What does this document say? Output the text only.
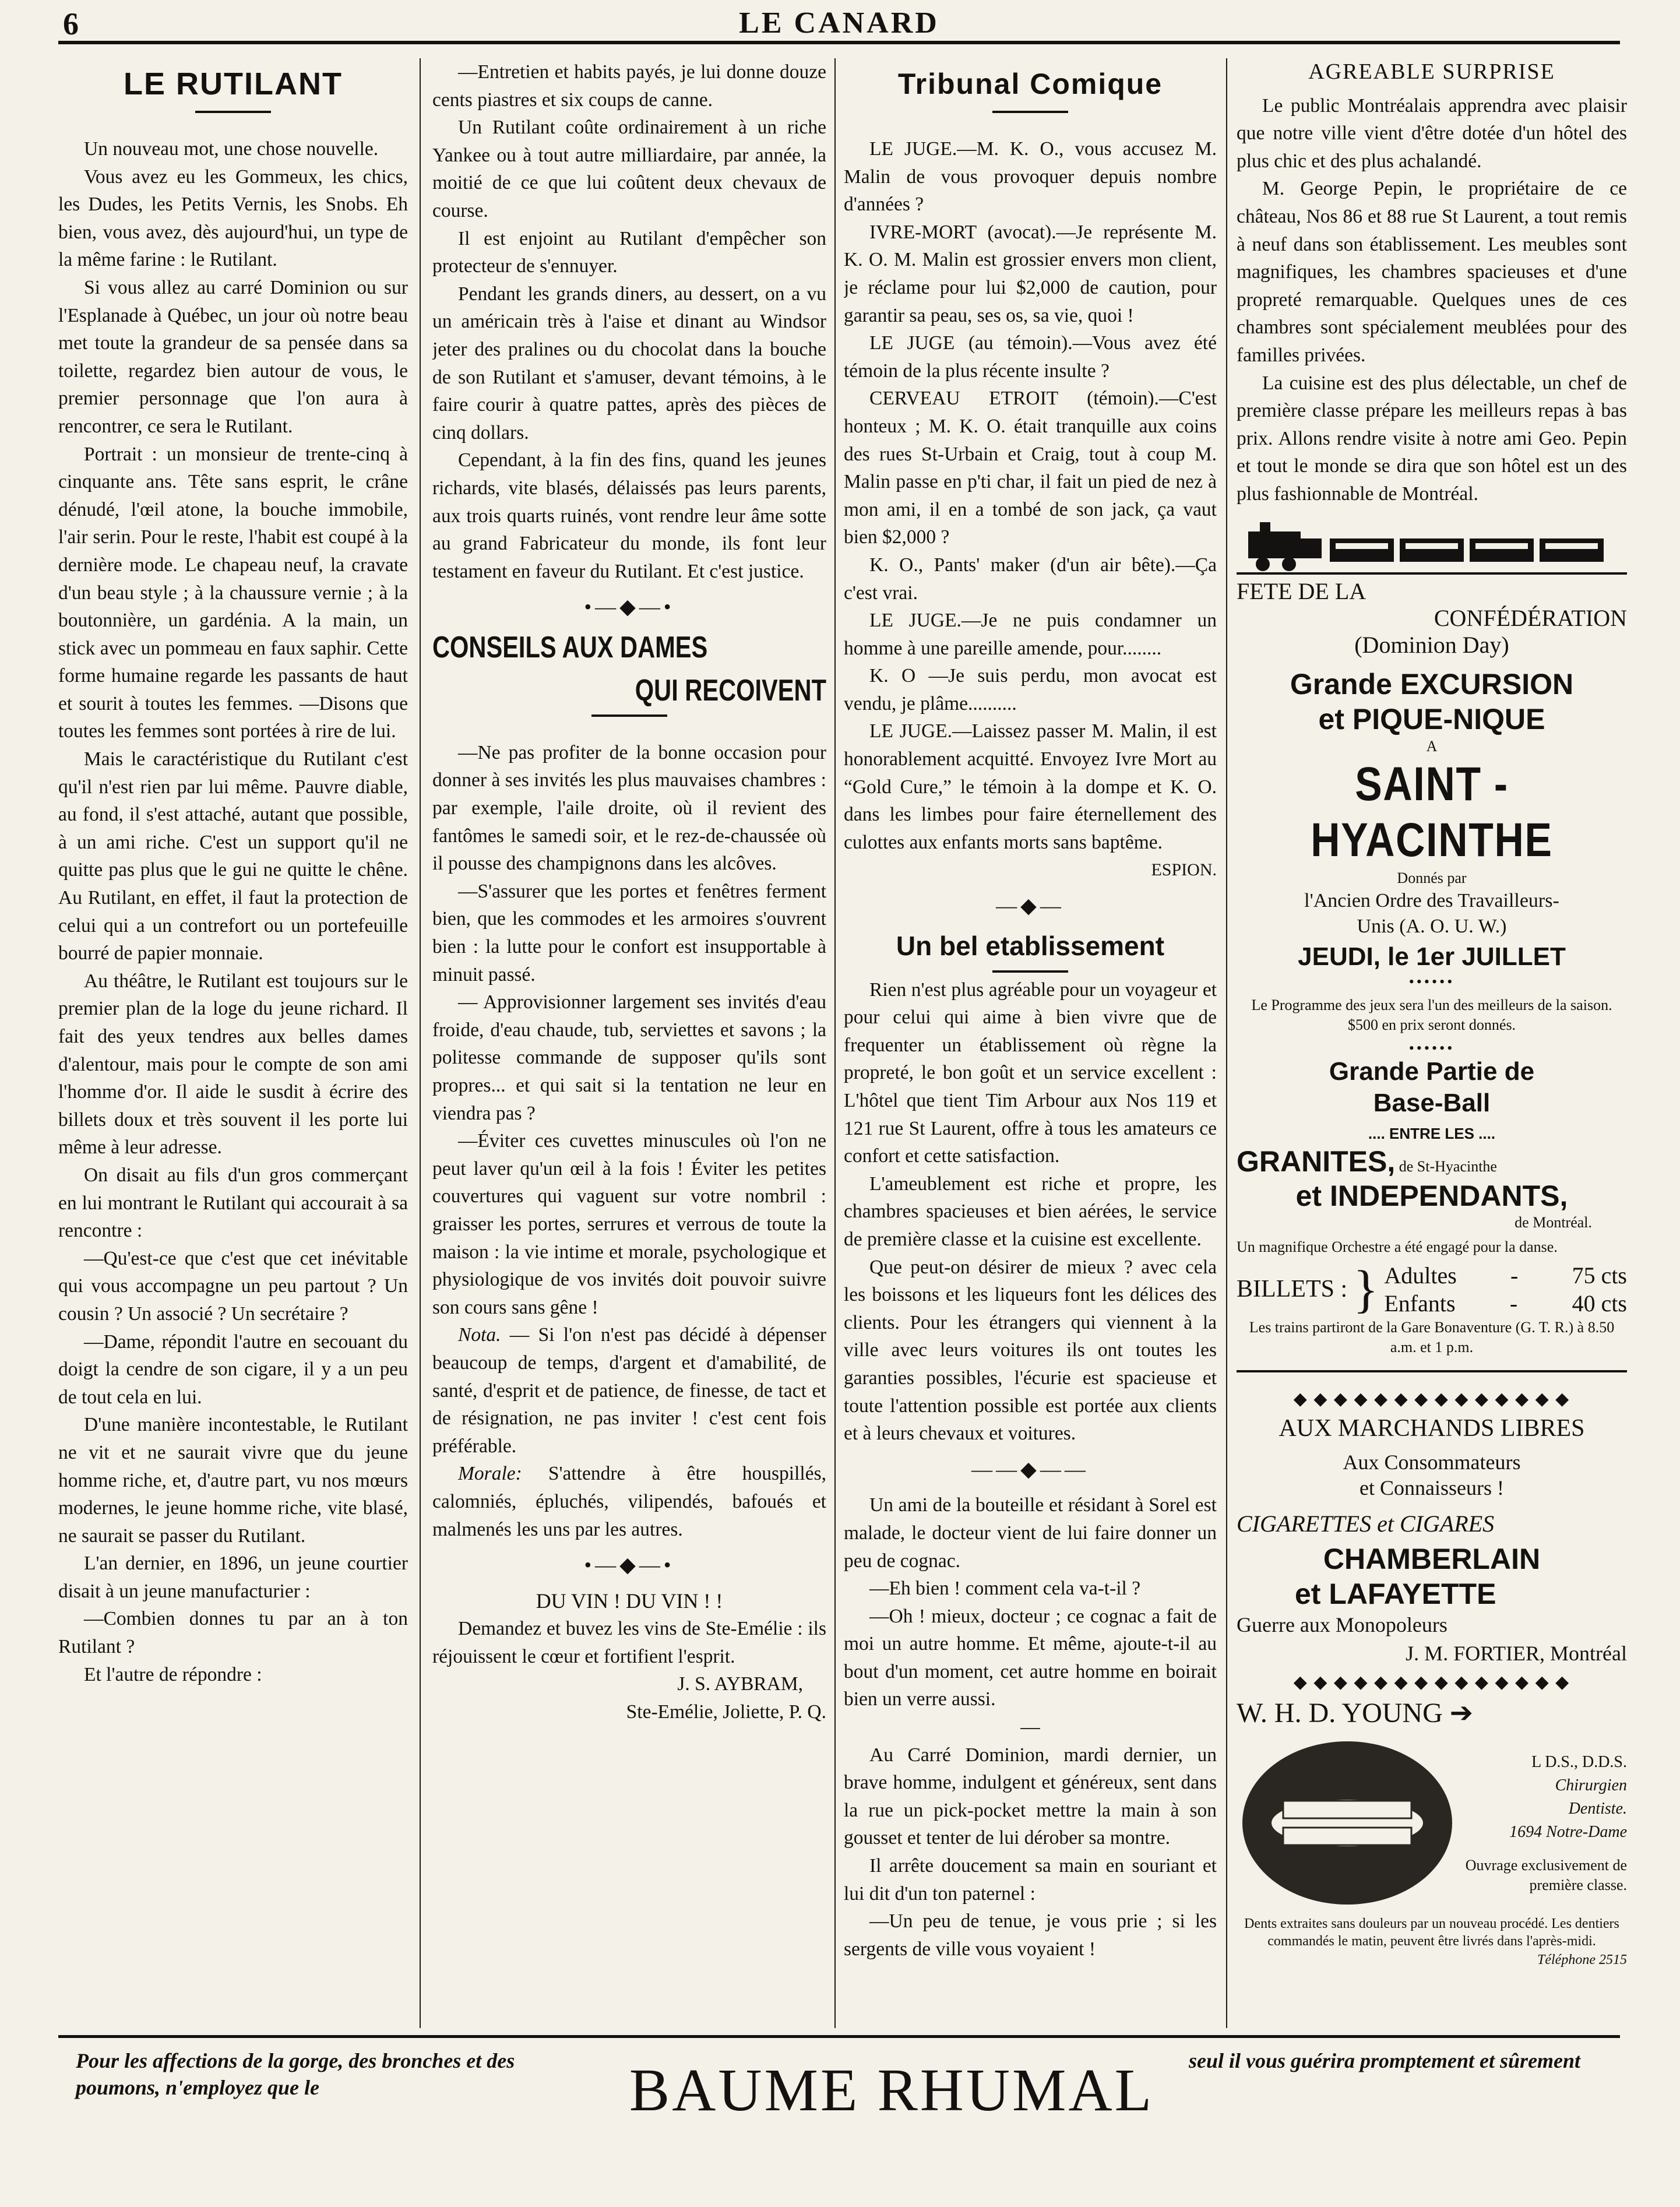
6	LE CANARD
LE RUTILANT

Un nouveau mot, une chose nouvelle.

Vous avez eu les Gommeux, les chics, les Dudes, les Petits Vernis, les Snobs. Eh bien, vous avez, dès aujourd'hui, un type de la même farine : le Rutilant.

Si vous allez au carré Dominion ou sur l'Esplanade à Québec, un jour où notre beau met toute la grandeur de sa pensée dans sa toilette, regardez bien autour de vous, le premier personnage que l'on aura à rencontrer, ce sera le Rutilant.

Portrait : un monsieur de trente-cinq à cinquante ans. Tête sans esprit, le crâne dénudé, l'œil atone, la bouche immobile, l'air serin. Pour le reste, l'habit est coupé à la dernière mode. Le chapeau neuf, la cravate d'un beau style ; à la chaussure vernie ; à la boutonnière, un gardénia. A la main, un stick avec un pommeau en faux saphir. Cette forme humaine regarde les passants de haut et sourit à toutes les femmes. —Disons que toutes les femmes sont portées à rire de lui.

Mais le caractéristique du Rutilant c'est qu'il n'est rien par lui même. Pauvre diable, au fond, il s'est attaché, autant que possible, à un ami riche. C'est un support qu'il ne quitte pas plus que le gui ne quitte le chêne. Au Rutilant, en effet, il faut la protection de celui qui a un contrefort ou un portefeuille bourré de papier monnaie.

Au théâtre, le Rutilant est toujours sur le premier plan de la loge du jeune richard. Il fait des yeux tendres aux belles dames d'alentour, mais pour le compte de son ami l'homme d'or. Il aide le susdit à écrire des billets doux et très souvent il les porte lui même à leur adresse.

On disait au fils d'un gros commerçant en lui montrant le Rutilant qui accourait à sa rencontre :

—Qu'est-ce que c'est que cet inévitable qui vous accompagne un peu partout ? Un cousin ? Un associé ? Un secrétaire ?

—Dame, répondit l'autre en secouant du doigt la cendre de son cigare, il y a un peu de tout cela en lui.

D'une manière incontestable, le Rutilant ne vit et ne saurait vivre que du jeune homme riche, et, d'autre part, vu nos mœurs modernes, le jeune homme riche, vite blasé, ne saurait se passer du Rutilant.

L'an dernier, en 1896, un jeune courtier disait à un jeune manufacturier :

—Combien donnes tu par an à ton Rutilant ?

Et l'autre de répondre :

—Entretien et habits payés, je lui donne douze cents piastres et six coups de canne.

Un Rutilant coûte ordinairement à un riche Yankee ou à tout autre milliardaire, par année, la moitié de ce que lui coûtent deux chevaux de course.

Il est enjoint au Rutilant d'empêcher son protecteur de s'ennuyer.

Pendant les grands diners, au dessert, on a vu un américain très à l'aise et dinant au Windsor jeter des pralines ou du chocolat dans la bouche de son Rutilant et s'amuser, devant témoins, à le faire courir à quatre pattes, après des pièces de cinq dollars.

Cependant, à la fin des fins, quand les jeunes richards, vite blasés, délaissés pas leurs parents, aux trois quarts ruinés, vont rendre leur âme sotte au grand Fabricateur du monde, ils font leur testament en faveur du Rutilant. Et c'est justice.

•—◆—•
CONSEILS AUX DAMES
QUI RECOIVENT

—Ne pas profiter de la bonne occasion pour donner à ses invités les plus mauvaises chambres : par exemple, l'aile droite, où il revient des fantômes le samedi soir, et le rez-de-chaussée où il pousse des champignons dans les alcôves.

—S'assurer que les portes et fenêtres ferment bien, que les commodes et les armoires s'ouvrent bien : la lutte pour le confort est insupportable à minuit passé.

— Approvisionner largement ses invités d'eau froide, d'eau chaude, tub, serviettes et savons ; la politesse commande de supposer qu'ils sont propres... et qui sait si la tentation ne leur en viendra pas ?

—Éviter ces cuvettes minuscules où l'on ne peut laver qu'un œil à la fois ! Éviter les petites couvertures qui vaguent sur votre nombril : graisser les portes, serrures et verrous de toute la maison : la vie intime et morale, psychologique et physiologique de vos invités doit pouvoir suivre son cours sans gêne !

Nota. — Si l'on n'est pas décidé à dépenser beaucoup de temps, d'argent et d'amabilité, de santé, d'esprit et de patience, de finesse, de tact et de résignation, ne pas inviter ! c'est cent fois préférable.

Morale: S'attendre à être houspillés, calomniés, épluchés, vilipendés, bafoués et malmenés les uns par les autres.

•—◆—•
DU VIN ! DU VIN ! !

Demandez et buvez les vins de Ste-Emélie : ils réjouissent le cœur et fortifient l'esprit.

J. S. AYBRAM,
Ste-Emélie, Joliette, P. Q.
Tribunal Comique

LE JUGE.—M. K. O., vous accusez M. Malin de vous provoquer depuis nombre d'années ?

IVRE-MORT (avocat).—Je représente M. K. O. M. Malin est grossier envers mon client, je réclame pour lui $2,000 de caution, pour garantir sa peau, ses os, sa vie, quoi !

LE JUGE (au témoin).—Vous avez été témoin de la plus récente insulte ?

CERVEAU ETROIT (témoin).—C'est honteux ; M. K. O. était tranquille aux coins des rues St-Urbain et Craig, tout à coup M. Malin passe en p'ti char, il fait un pied de nez à mon ami, il en a tombé de son jack, ça vaut bien $2,000 ?

K. O., Pants' maker (d'un air bête).—Ça c'est vrai.

LE JUGE.—Je ne puis condamner un homme à une pareille amende, pour........

K. O —Je suis perdu, mon avocat est vendu, je plâme..........

LE JUGE.—Laissez passer M. Malin, il est honorablement acquitté. Envoyez Ivre Mort au “Gold Cure,” le témoin à la dompe et K. O. dans les limbes pour faire éternellement des culottes aux enfants morts sans baptême.

ESPION.
—◆—
Un bel etablissement

Rien n'est plus agréable pour un voyageur et pour celui qui aime à bien vivre que de frequenter un établissement où règne la propreté, le bon goût et un service excellent : L'hôtel que tient Tim Arbour aux Nos 119 et 121 rue St Laurent, offre à tous les amateurs ce confort et cette satisfaction.

L'ameublement est riche et propre, les chambres spacieuses et bien aérées, le service de première classe et la cuisine est excellente.

Que peut-on désirer de mieux ? avec cela les boissons et les liqueurs font les délices des clients. Pour les étrangers qui viennent à la ville avec leurs voitures ils ont toutes les garanties possibles, l'écurie est spacieuse et toute l'attention possible est portée aux clients et à leurs chevaux et voitures.

——◆——

Un ami de la bouteille et résidant à Sorel est malade, le docteur vient de lui faire donner un peu de cognac.

—Eh bien ! comment cela va-t-il ?

—Oh ! mieux, docteur ; ce cognac a fait de moi un autre homme. Et même, ajoute-t-il au bout d'un moment, cet autre homme en boirait bien un verre aussi.

—

Au Carré Dominion, mardi dernier, un brave homme, indulgent et généreux, sent dans la rue un pick-pocket mettre la main à son gousset et tenter de lui dérober sa montre.

Il arrête doucement sa main en souriant et lui dit d'un ton paternel :

—Un peu de tenue, je vous prie ; si les sergents de ville vous voyaient !

AGREABLE SURPRISE

Le public Montréalais apprendra avec plaisir que notre ville vient d'être dotée d'un hôtel des plus chic et des plus achalandé.

M. George Pepin, le propriétaire de ce château, Nos 86 et 88 rue St Laurent, a tout remis à neuf dans son établissement. Les meubles sont magnifiques, les chambres spacieuses et d'une propreté remarquable. Quelques unes de ces chambres sont spécialement meublées pour des familles privées.

La cuisine est des plus délectable, un chef de première classe prépare les meilleurs repas à bas prix. Allons rendre visite à notre ami Geo. Pepin et tout le monde se dira que son hôtel est un des plus fashionnable de Montréal.

FETE DE LA
CONFÉDÉRATION
(Dominion Day)
Grande EXCURSION
et PIQUE-NIQUE
A
SAINT - HYACINTHE
Donnés par
l'Ancien Ordre des Travailleurs-
Unis (A. O. U. W.)
JEUDI, le 1er JUILLET
••••••
Le Programme des jeux sera l'un des meilleurs de la saison. $500 en prix seront donnés.
••••••
Grande Partie de
Base-Ball
.... ENTRE LES ....
GRANITES, de St-Hyacinthe
et INDEPENDANTS,
de Montréal.
Un magnifique Orchestre a été engagé pour la danse.
BILLETS : } Adultes - 75 cts
Enfants - 40 cts
Les trains partiront de la Gare Bonaventure (G. T. R.) à 8.50 a.m. et 1 p.m.
◆ ◆ ◆ ◆ ◆ ◆ ◆ ◆ ◆ ◆ ◆ ◆ ◆ ◆
AUX MARCHANDS LIBRES
Aux Consommateurs
et Connaisseurs !
CIGARETTES et CIGARES
CHAMBERLAIN
et LAFAYETTE
Guerre aux Monopoleurs
J. M. FORTIER, Montréal
◆ ◆ ◆ ◆ ◆ ◆ ◆ ◆ ◆ ◆ ◆ ◆ ◆ ◆
W. H. D. YOUNG ➔
L D.S., D.D.S.
Chirurgien
Dentiste.
1694 Notre-Dame
Ouvrage exclusivement de première classe.
Dents extraites sans douleurs par un nouveau procédé. Les dentiers commandés le matin, peuvent être livrés dans l'après-midi.
Téléphone 2515
Pour les affections de la gorge, des bronches et des poumons, n'employez que le	BAUME RHUMAL	seul il vous guérira promptement et sûrement
